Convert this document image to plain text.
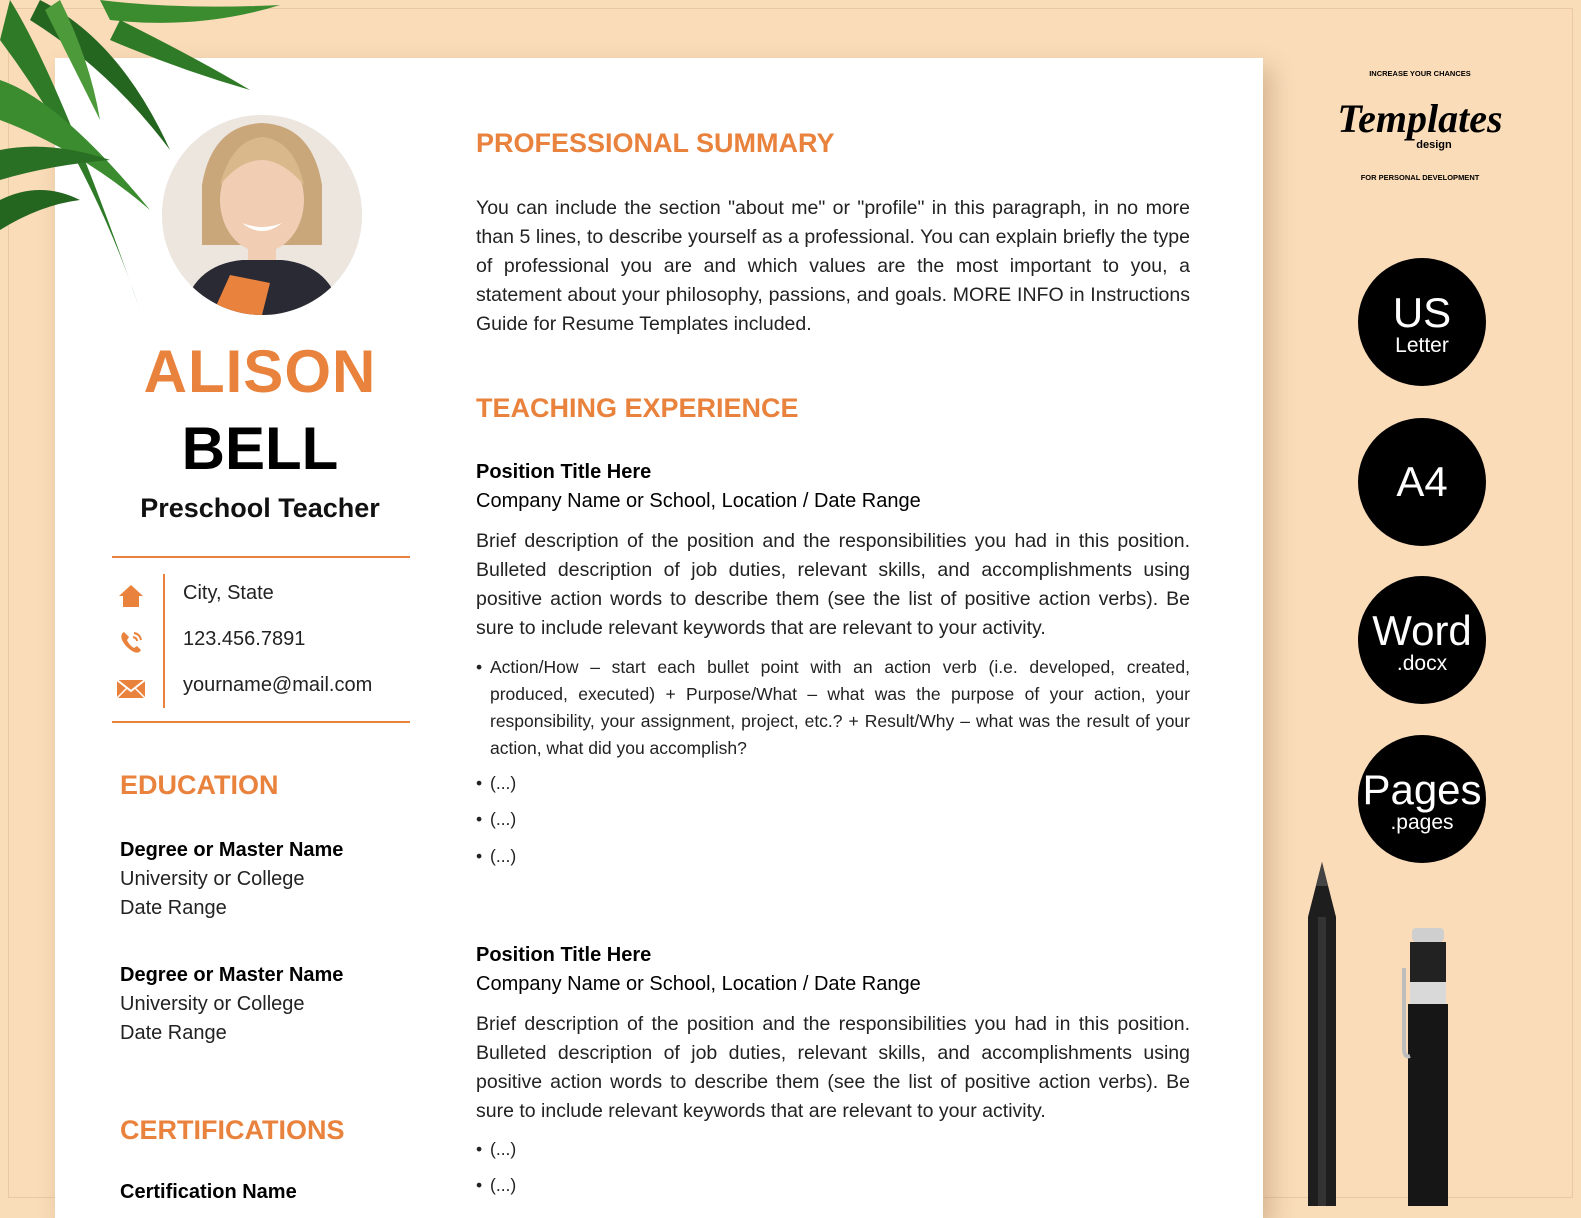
ALISON
BELL
Preschool Teacher
City, State
123.456.7891
yourname@mail.com
EDUCATION
Degree or Master Name
University or College
Date Range
Degree or Master Name
University or College
Date Range
CERTIFICATIONS
Certification Name
PROFESSIONAL SUMMARY

You can include the section "about me" or "profile" in this paragraph, in no more than 5 lines, to describe yourself as a professional. You can explain briefly the type of professional you are and which values are the most important to you, a statement about your philosophy, passions, and goals. MORE INFO in Instructions Guide for Resume Templates included.

TEACHING EXPERIENCE
Position Title Here
Company Name or School, Location / Date Range

Brief description of the position and the responsibilities you had in this position. Bulleted description of job duties, relevant skills, and accomplishments using positive action words to describe them (see the list of positive action verbs). Be sure to include relevant keywords that are relevant to your activity.

• Action/How – start each bullet point with an action verb (i.e. developed, created, produced, executed) + Purpose/What – what was the purpose of your action, your responsibility, your assignment, project, etc.? + Result/Why – what was the result of your action, what did you accomplish?
• (...)
• (...)
• (...)
Position Title Here
Company Name or School, Location / Date Range

Brief description of the position and the responsibilities you had in this position. Bulleted description of job duties, relevant skills, and accomplishments using positive action words to describe them (see the list of positive action verbs). Be sure to include relevant keywords that are relevant to your activity.

• (...)
• (...)
INCREASE YOUR CHANCES
Templates
design
FOR PERSONAL DEVELOPMENT
US
Letter
A4
Word
.docx
Pages
.pages
